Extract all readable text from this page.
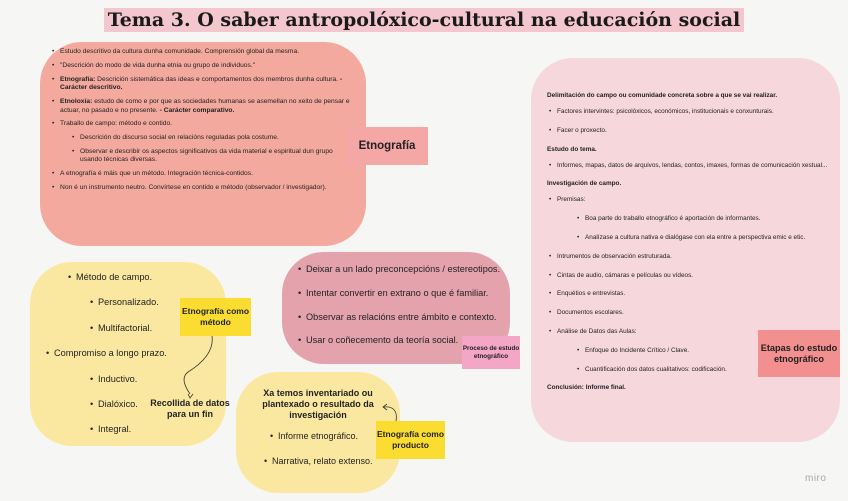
Tema 3. O saber antropolóxico-cultural na educación social
• Estudo descritivo da cultura dunha comunidade. Comprensión global da mesma.
• "Descrición do modo de vida dunha etnia ou grupo de individuos."
• Etnografía: Descrición sistemática das ideas e comportamentos dos membros dunha cultura. - Carácter descritivo.
• Etnoloxía: estudo de como e por que as sociedades humanas se asemellan no xeito de pensar e actuar, no pasado e no presente. - Carácter comparativo.
• Traballo de campo: método e contido.
• Descrición do discurso social en relacións reguladas pola costume.
• Observar e describir os aspectos significativos da vida material e espiritual dun grupo usando técnicas diversas.
• A etnografía é máis que un método. Integración técnica-contidos.
• Non é un instrumento neutro. Convírtese en contido e método (observador / investigador).
Etnografía
Delimitación do campo ou comunidade concreta sobre a que se vai realizar.
• Factores intervintes: psicolóxicos, económicos, institucionais e conxunturais.
• Facer o proxecto.
Estudo do tema.
• Informes, mapas, datos de arquivos, lendas, contos, imaxes, formas de comunicación xestual...
Investigación de campo.
• Premisas:
• Boa parte do traballo etnográfico é aportación de informantes.
• Analízase a cultura nativa e dialógase con ela entre a perspectiva emic e etic.
• Intrumentos de observación estruturada.
• Cintas de audio, cámaras e películas ou vídeos.
• Enquétios e entrevistas.
• Documentos escolares.
• Análise de Datos das Aulas:
• Enfoque do Incidente Crítico / Clave.
• Cuantificación dos datos cualitativos: codificación.
Conclusión: Informe final.
Etapas do estudo etnográfico
• Método de campo.
• Personalizado.
• Multifactorial.
• Compromiso a longo prazo.
• Inductivo.
• Dialóxico.
• Integral.
Etnografía como método
Recollida de datos para un fin
• Deixar a un lado preconcepcións / estereotipos.
• Intentar convertir en extrano o que é familiar.
• Observar as relacións entre ámbito e contexto.
• Usar o coñecemento da teoría social.
Proceso de estudo etnográfico
Xa temos inventariado ou plantexado o resultado da investigación
• Informe etnográfico.
• Narrativa, relato extenso.
Etnografía como producto
miro
